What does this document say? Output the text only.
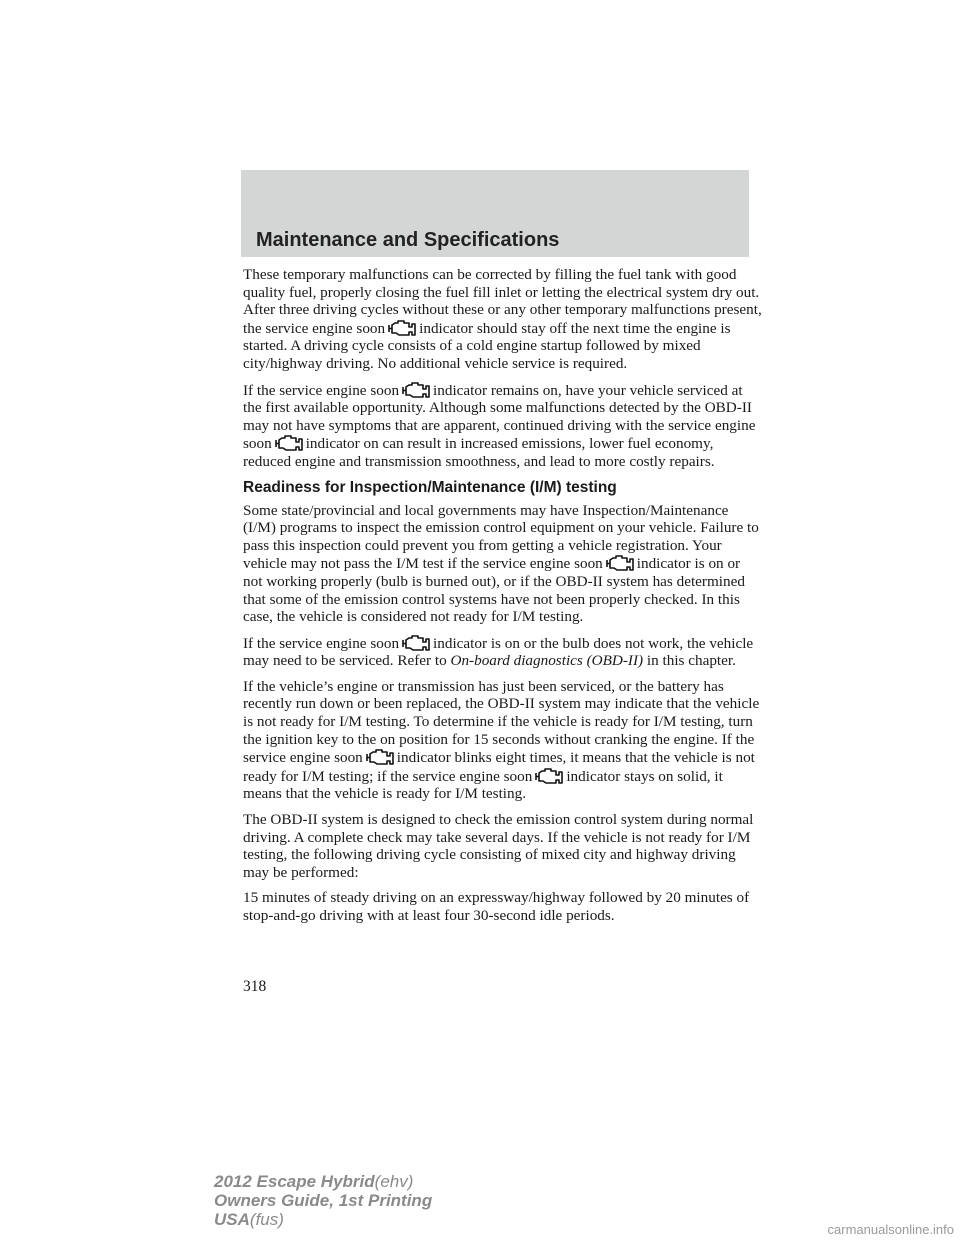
Maintenance and Specifications

These temporary malfunctions can be corrected by filling the fuel tank with good quality fuel, properly closing the fuel fill inlet or letting the electrical system dry out. After three driving cycles without these or any other temporary malfunctions present, the service engine soon indicator should stay off the next time the engine is started. A driving cycle consists of a cold engine startup followed by mixed city/highway driving. No additional vehicle service is required.

If the service engine soon indicator remains on, have your vehicle serviced at the first available opportunity. Although some malfunctions detected by the OBD-II may not have symptoms that are apparent, continued driving with the service engine soon indicator on can result in increased emissions, lower fuel economy, reduced engine and transmission smoothness, and lead to more costly repairs.

Readiness for Inspection/Maintenance (I/M) testing

Some state/provincial and local governments may have Inspection/Maintenance (I/M) programs to inspect the emission control equipment on your vehicle. Failure to pass this inspection could prevent you from getting a vehicle registration. Your vehicle may not pass the I/M test if the service engine soon indicator is on or not working properly (bulb is burned out), or if the OBD-II system has determined that some of the emission control systems have not been properly checked. In this case, the vehicle is considered not ready for I/M testing.

If the service engine soon indicator is on or the bulb does not work, the vehicle may need to be serviced. Refer to On-board diagnostics (OBD-II) in this chapter.

If the vehicle’s engine or transmission has just been serviced, or the battery has recently run down or been replaced, the OBD-II system may indicate that the vehicle is not ready for I/M testing. To determine if the vehicle is ready for I/M testing, turn the ignition key to the on position for 15 seconds without cranking the engine. If the service engine soon indicator blinks eight times, it means that the vehicle is not ready for I/M testing; if the service engine soon indicator stays on solid, it means that the vehicle is ready for I/M testing.

The OBD-II system is designed to check the emission control system during normal driving. A complete check may take several days. If the vehicle is not ready for I/M testing, the following driving cycle consisting of mixed city and highway driving may be performed:

15 minutes of steady driving on an expressway/highway followed by 20 minutes of stop-and-go driving with at least four 30-second idle periods.

318
2012 Escape Hybrid(ehv)
Owners Guide, 1st Printing
USA(fus)
carmanualsonline.info
